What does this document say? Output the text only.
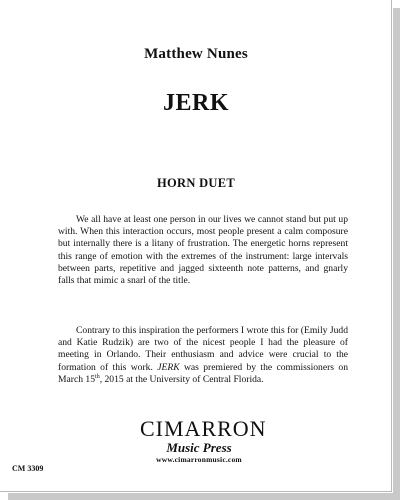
Matthew Nunes
JERK
HORN DUET

We all have at least one person in our lives we cannot stand but put up with. When this interaction occurs, most people present a calm composure but internally there is a litany of frustration. The energetic horns represent this range of emotion with the extremes of the instrument: large intervals between parts, repetitive and jagged sixteenth note patterns, and gnarly falls that mimic a snarl of the title.

Contrary to this inspiration the performers I wrote this for (Emily Judd and Katie Rudzik) are two of the nicest people I had the pleasure of meeting in Orlando. Their enthusiasm and advice were crucial to the formation of this work. JERK was premiered by the commissioners on March 15th, 2015 at the University of Central Florida.

CM 3309
CIMARRON
Music Press
www.cimarronmusic.com
